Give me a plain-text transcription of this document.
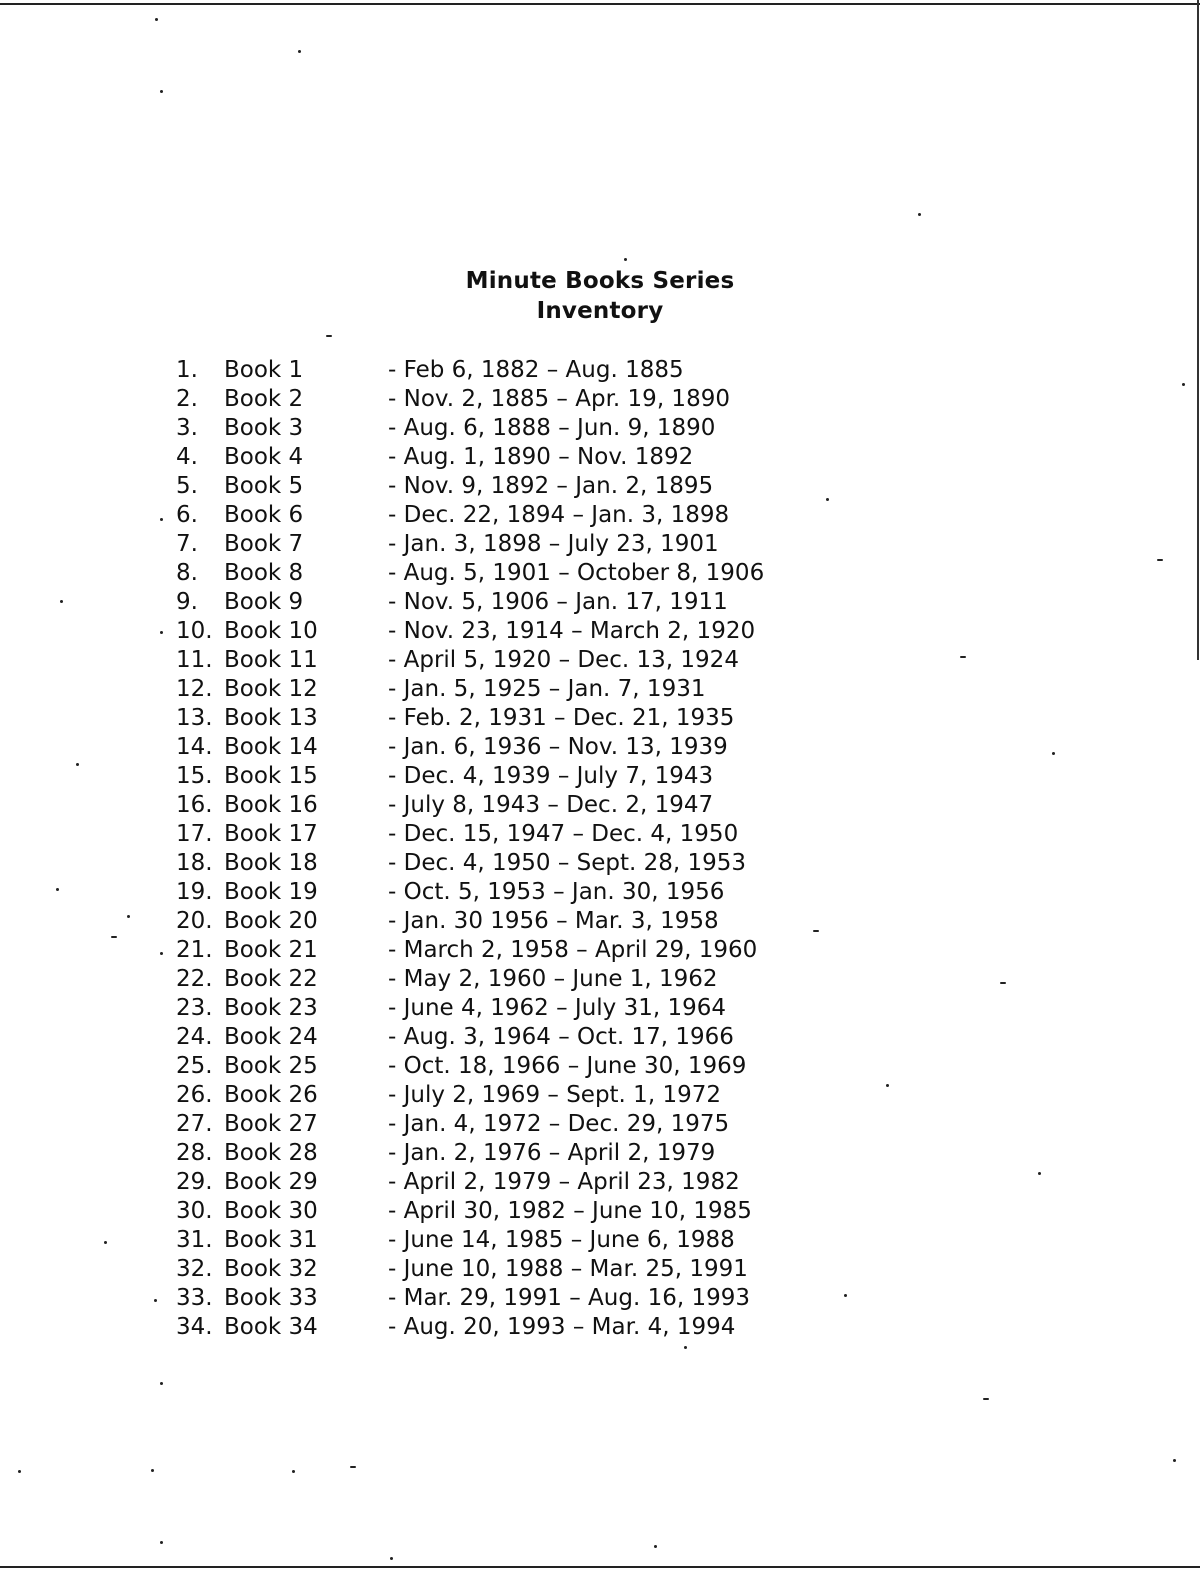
Minute Books Series
Inventory
1.	Book 1	- Feb 6, 1882 – Aug. 1885
2.	Book 2	- Nov. 2, 1885 – Apr. 19, 1890
3.	Book 3	- Aug. 6, 1888 – Jun. 9, 1890
4.	Book 4	- Aug. 1, 1890 – Nov. 1892
5.	Book 5	- Nov. 9, 1892 – Jan. 2, 1895
6.	Book 6	- Dec. 22, 1894 – Jan. 3, 1898
7.	Book 7	- Jan. 3, 1898 – July 23, 1901
8.	Book 8	- Aug. 5, 1901 – October 8, 1906
9.	Book 9	- Nov. 5, 1906 – Jan. 17, 1911
10. Book 10	- Nov. 23, 1914 – March 2, 1920
11. Book 11	- April 5, 1920 – Dec. 13, 1924
12. Book 12	- Jan. 5, 1925 – Jan. 7, 1931
13. Book 13	- Feb. 2, 1931 – Dec. 21, 1935
14. Book 14	- Jan. 6, 1936 – Nov. 13, 1939
15. Book 15	- Dec. 4, 1939 – July 7, 1943
16. Book 16	- July 8, 1943 – Dec. 2, 1947
17. Book 17	- Dec. 15, 1947 – Dec. 4, 1950
18. Book 18	- Dec. 4, 1950 – Sept. 28, 1953
19. Book 19	- Oct. 5, 1953 – Jan. 30, 1956
20. Book 20	- Jan. 30 1956 – Mar. 3, 1958
21. Book 21	- March 2, 1958 – April 29, 1960
22. Book 22	- May 2, 1960 – June 1, 1962
23. Book 23	- June 4, 1962 – July 31, 1964
24. Book 24	- Aug. 3, 1964 – Oct. 17, 1966
25. Book 25	- Oct. 18, 1966 – June 30, 1969
26. Book 26	- July 2, 1969 – Sept. 1, 1972
27. Book 27	- Jan. 4, 1972 – Dec. 29, 1975
28. Book 28	- Jan. 2, 1976 – April 2, 1979
29. Book 29	- April 2, 1979 – April 23, 1982
30. Book 30	- April 30, 1982 – June 10, 1985
31. Book 31	- June 14, 1985 – June 6, 1988
32. Book 32	- June 10, 1988 – Mar. 25, 1991
33. Book 33	- Mar. 29, 1991 – Aug. 16, 1993
34. Book 34	- Aug. 20, 1993 – Mar. 4, 1994
